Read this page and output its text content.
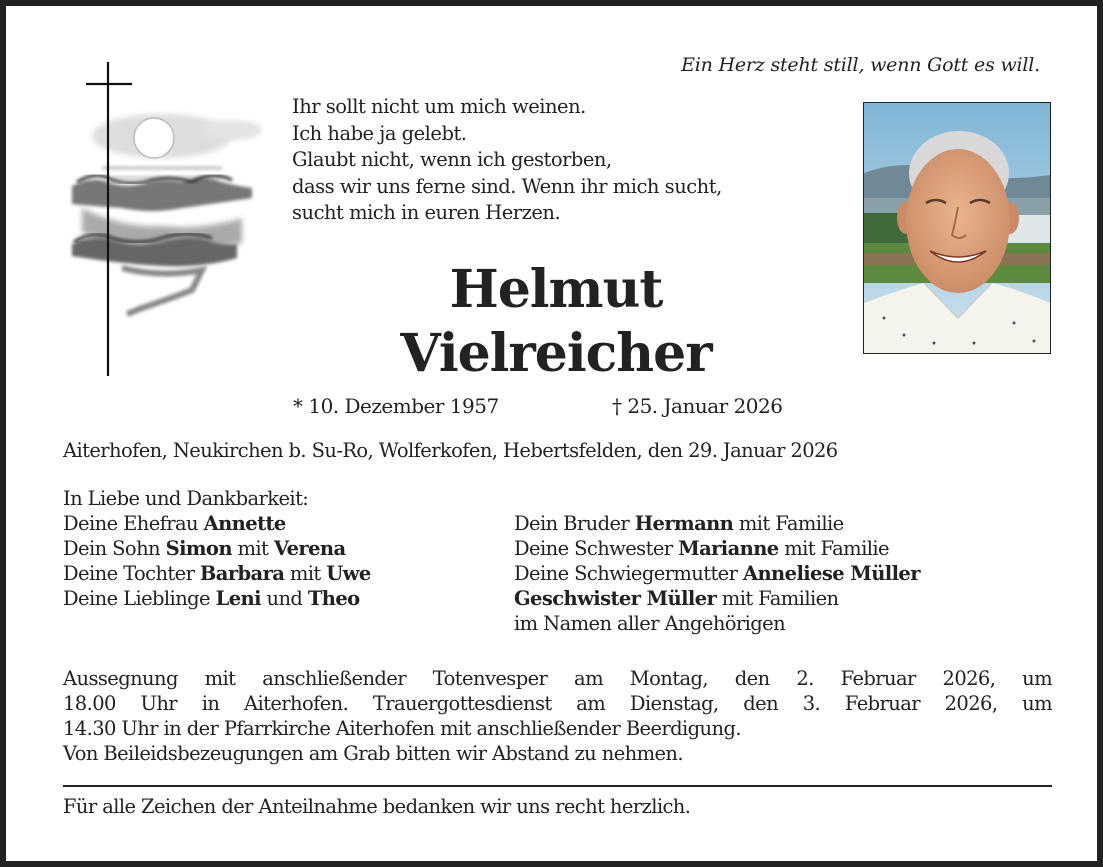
Ein Herz steht still, wenn Gott es will.
Ihr sollt nicht um mich weinen.
Ich habe ja gelebt.
Glaubt nicht, wenn ich gestorben,
dass wir uns ferne sind. Wenn ihr mich sucht,
sucht mich in euren Herzen.
Helmut
Vielreicher
* 10. Dezember 1957	† 25. Januar 2026
Aiterhofen, Neukirchen b. Su-Ro, Wolferkofen, Hebertsfelden, den 29. Januar 2026
In Liebe und Dankbarkeit:
Deine Ehefrau Annette
Dein Sohn Simon mit Verena
Deine Tochter Barbara mit Uwe
Deine Lieblinge Leni und Theo
Dein Bruder Hermann mit Familie
Deine Schwester Marianne mit Familie
Deine Schwiegermutter Anneliese Müller
Geschwister Müller mit Familien
im Namen aller Angehörigen
Aussegnung mit anschließender Totenvesper am Montag, den 2. Februar 2026, um
18.00 Uhr in Aiterhofen. Trauergottesdienst am Dienstag, den 3. Februar 2026, um
14.30 Uhr in der Pfarrkirche Aiterhofen mit anschließender Beerdigung.
Von Beileidsbezeugungen am Grab bitten wir Abstand zu nehmen.
Für alle Zeichen der Anteilnahme bedanken wir uns recht herzlich.
